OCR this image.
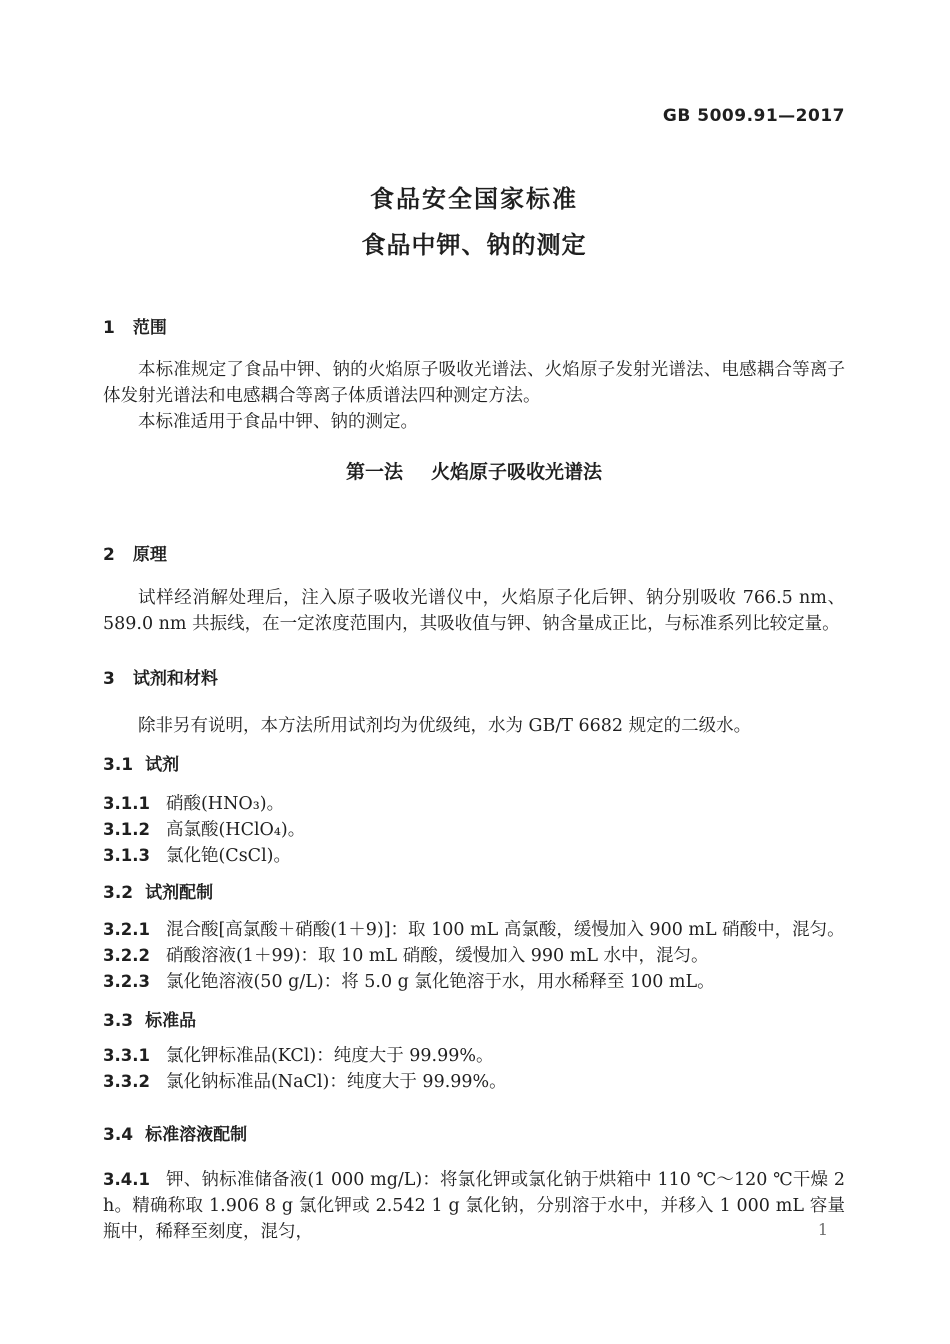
GB 5009.91—2017
食品安全国家标准
食品中钾、钠的测定
1 范围

本标准规定了食品中钾、钠的火焰原子吸收光谱法、火焰原子发射光谱法、电感耦合等离子体发射光谱法和电感耦合等离子体质谱法四种测定方法。

本标准适用于食品中钾、钠的测定。

第一法 火焰原子吸收光谱法
2 原理

试样经消解处理后，注入原子吸收光谱仪中，火焰原子化后钾、钠分别吸收 766.5 nm、589.0 nm 共振线，在一定浓度范围内，其吸收值与钾、钠含量成正比，与标准系列比较定量。

3 试剂和材料

除非另有说明，本方法所用试剂均为优级纯，水为 GB/T 6682 规定的二级水。

3.1 试剂

3.1.1 硝酸(HNO₃)。

3.1.2 高氯酸(HClO₄)。

3.1.3 氯化铯(CsCl)。

3.2 试剂配制

3.2.1 混合酸[高氯酸＋硝酸(1＋9)]：取 100 mL 高氯酸，缓慢加入 900 mL 硝酸中，混匀。

3.2.2 硝酸溶液(1＋99)：取 10 mL 硝酸，缓慢加入 990 mL 水中，混匀。

3.2.3 氯化铯溶液(50 g/L)：将 5.0 g 氯化铯溶于水，用水稀释至 100 mL。

3.3 标准品

3.3.1 氯化钾标准品(KCl)：纯度大于 99.99%。

3.3.2 氯化钠标准品(NaCl)：纯度大于 99.99%。

3.4 标准溶液配制

3.4.1 钾、钠标准储备液(1 000 mg/L)：将氯化钾或氯化钠于烘箱中 110 ℃～120 ℃干燥 2 h。精确称取 1.906 8 g 氯化钾或 2.542 1 g 氯化钠，分别溶于水中，并移入 1 000 mL 容量瓶中，稀释至刻度，混匀，	1
